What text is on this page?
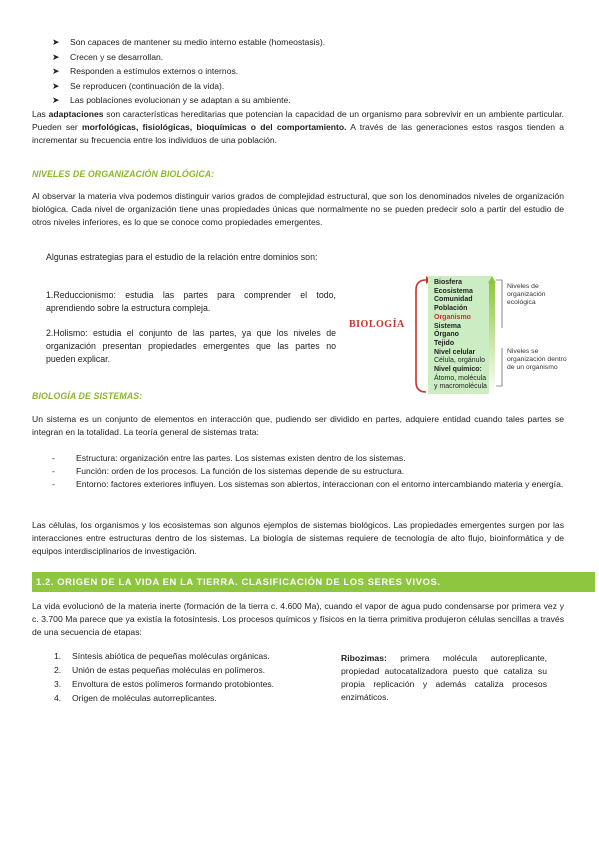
➤ Son capaces de mantener su medio interno estable (homeostasis).
➤ Crecen y se desarrollan.
➤ Responden a estímulos externos o internos.
➤ Se reproducen (continuación de la vida).
➤ Las poblaciones evolucionan y se adaptan a su ambiente.

Las adaptaciones son características hereditarias que potencian la capacidad de un organismo para sobrevivir en un ambiente particular. Pueden ser morfológicas, fisiológicas, bioquímicas o del comportamiento. A través de las generaciones estos rasgos tienden a incrementar su frecuencia entre los individuos de una población.

NIVELES DE ORGANIZACIÓN BIOLÓGICA:

Al observar la materia viva podemos distinguir varios grados de complejidad estructural, que son los denominados niveles de organización biológica. Cada nivel de organización tiene unas propiedades únicas que normalmente no se pueden predecir solo a partir del estudio de otros niveles inferiores, es lo que se conoce como propiedades emergentes.

Algunas estrategias para el estudio de la relación entre dominios son:

1.Reduccionismo: estudia las partes para comprender el todo, aprendiendo sobre la estructura compleja.

2.Holismo: estudia el conjunto de las partes, ya que los niveles de organización presentan propiedades emergentes que las partes no pueden explicar.

BIOLOGÍA
Biosfera
Ecosistema
Comunidad
Población
Organismo
Sistema
Órgano
Tejido
Nivel celular
Célula, orgánulo
Nivel químico:
Átomo, molécula
y macromolécula
Niveles de organización ecológica
Niveles se organización dentro de un organismo
BIOLOGÍA DE SISTEMAS:

Un sistema es un conjunto de elementos en interacción que, pudiendo ser dividido en partes, adquiere entidad cuando tales partes se integran en la totalidad. La teoría general de sistemas trata:

- Estructura: organización entre las partes. Los sistemas existen dentro de los sistemas.
- Función: orden de los procesos. La función de los sistemas depende de su estructura.
- Entorno: factores exteriores influyen. Los sistemas son abiertos, interaccionan con el entorno intercambiando materia y energía.

Las células, los organismos y los ecosistemas son algunos ejemplos de sistemas biológicos. Las propiedades emergentes surgen por las interacciones entre estructuras dentro de los sistemas. La biología de sistemas requiere de tecnología de alto flujo, bioinformática y de equipos interdisciplinarios de investigación.

1.2. ORIGEN DE LA VIDA EN LA TIERRA. CLASIFICACIÓN DE LOS SERES VIVOS.

La vida evolucionó de la materia inerte (formación de la tierra c. 4.600 Ma), cuando el vapor de agua pudo condensarse por primera vez y c. 3.700 Ma parece que ya existía la fotosíntesis. Los procesos químicos y físicos en la tierra primitiva produjeron células sencillas a través de una secuencia de etapas:

1. Síntesis abiótica de pequeñas moléculas orgánicas.
2. Unión de estas pequeñas moléculas en polímeros.
3. Envoltura de estos polímeros formando protobiontes.
4. Origen de moléculas autorreplicantes.

Ribozimas: primera molécula autoreplicante, propiedad autocatalizadora puesto que cataliza su propia replicación y además cataliza procesos enzimáticos.
